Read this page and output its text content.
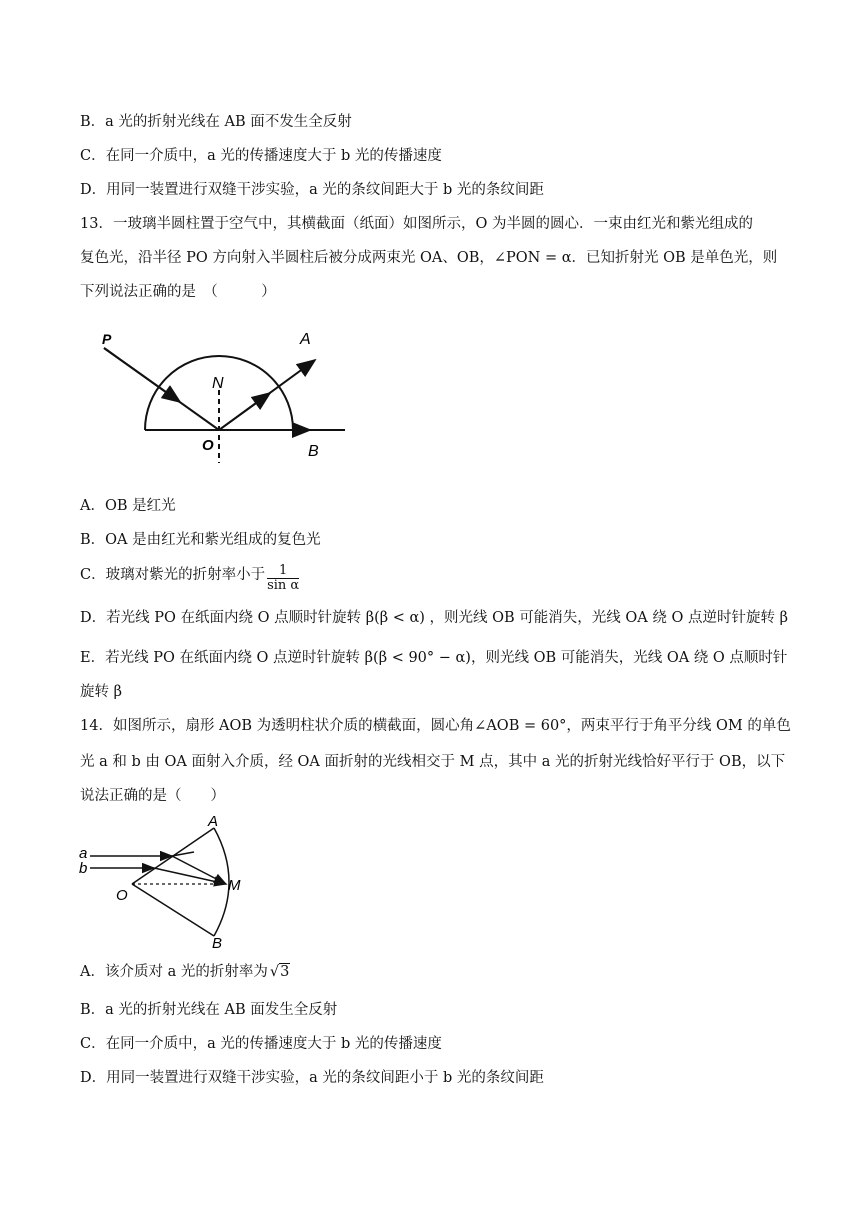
B．a 光的折射光线在 AB 面不发生全反射
C．在同一介质中，a 光的传播速度大于 b 光的传播速度
D．用同一装置进行双缝干涉实验，a 光的条纹间距大于 b 光的条纹间距
13．一玻璃半圆柱置于空气中，其横截面（纸面）如图所示，O 为半圆的圆心．一束由红光和紫光组成的
复色光，沿半径 PO 方向射入半圆柱后被分成两束光 OA、OB，∠PON = α．已知折射光 OB 是单色光，则
下列说法正确的是　（　　　）
P
N
O
A
B
A．OB 是红光
B．OA 是由红光和紫光组成的复色光
C．玻璃对紫光的折射率小于 $\frac{1}{\text{sin α}}$
D．若光线 PO 在纸面内绕 O 点顺时针旋转 β(β < α) ，则光线 OB 可能消失，光线 OA 绕 O 点逆时针旋转 β
E．若光线 PO 在纸面内绕 O 点逆时针旋转 β(β < 90° − α)，则光线 OB 可能消失，光线 OA 绕 O 点顺时针
旋转 β
14．如图所示，扇形 AOB 为透明柱状介质的横截面，圆心角∠AOB = 60°，两束平行于角平分线 OM 的单色
光 a 和 b 由 OA 面射入介质，经 OA 面折射的光线相交于 M 点，其中 a 光的折射光线恰好平行于 OB，以下
说法正确的是（　　）
a
b
O
A
M
B
A．该介质对 a 光的折射率为 √3
B．a 光的折射光线在 AB 面发生全反射
C．在同一介质中，a 光的传播速度大于 b 光的传播速度
D．用同一装置进行双缝干涉实验，a 光的条纹间距小于 b 光的条纹间距
